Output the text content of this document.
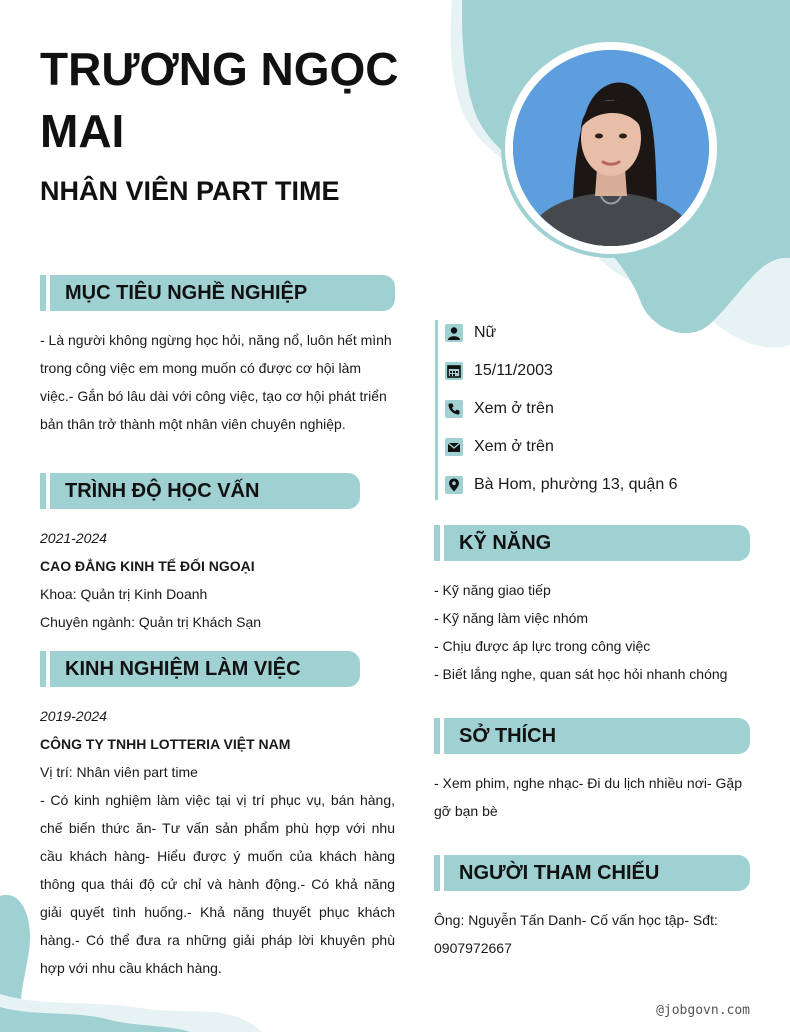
TRƯƠNG NGỌC MAI
NHÂN VIÊN PART TIME
MỤC TIÊU NGHỀ NGHIỆP
- Là người không ngừng học hỏi, năng nổ, luôn hết mình trong công việc em mong muốn có được cơ hội làm việc.- Gắn bó lâu dài với công việc, tạo cơ hội phát triển bản thân trở thành một nhân viên chuyên nghiệp.
TRÌNH ĐỘ HỌC VẤN
2021-2024
CAO ĐẲNG KINH TẾ ĐỐI NGOẠI
Khoa: Quản trị Kinh Doanh
Chuyên ngành: Quản trị Khách Sạn
KINH NGHIỆM LÀM VIỆC
2019-2024
CÔNG TY TNHH LOTTERIA VIỆT NAM
Vị trí: Nhân viên part time
- Có kinh nghiệm làm việc tại vị trí phục vụ, bán hàng, chế biến thức ăn- Tư vấn sản phẩm phù hợp với nhu cầu khách hàng- Hiểu được ý muốn của khách hàng thông qua thái độ cử chỉ và hành động.- Có khả năng giải quyết tình huống.- Khả năng thuyết phục khách hàng.- Có thể đưa ra những giải pháp lời khuyên phù hợp với nhu cầu khách hàng.
Nữ
15/11/2003
Xem ở trên
Xem ở trên
Bà Hom, phường 13, quận 6
KỸ NĂNG
- Kỹ năng giao tiếp
- Kỹ năng làm việc nhóm
- Chịu được áp lực trong công việc
- Biết lắng nghe, quan sát học hỏi nhanh chóng
SỞ THÍCH
- Xem phim, nghe nhạc- Đi du lịch nhiều nơi- Gặp gỡ bạn bè
NGƯỜI THAM CHIẾU
Ông: Nguyễn Tấn Danh- Cố vấn học tập- Sđt: 0907972667
@jobgovn.com
